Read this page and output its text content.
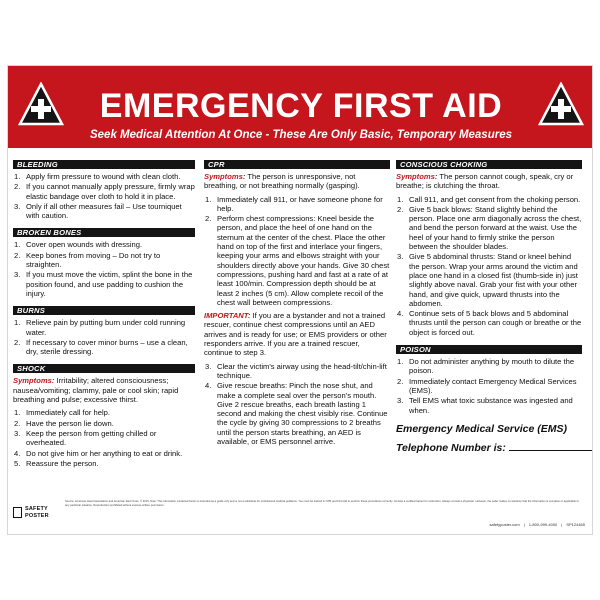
EMERGENCY FIRST AID
Seek Medical Attention At Once - These Are Only Basic, Temporary Measures
BLEEDING
1. Apply firm pressure to wound with clean cloth.
2. If you cannot manually apply pressure, firmly wrap elastic bandage over cloth to hold it in place.
3. Only if all other measures fail – Use tourniquet with caution.
BROKEN BONES
1. Cover open wounds with dressing.
2. Keep bones from moving – Do not try to straighten.
3. If you must move the victim, splint the bone in the position found, and use padding to cushion the injury.
BURNS
1. Relieve pain by putting burn under cold running water.
2. If necessary to cover minor burns – use a clean, dry, sterile dressing.
SHOCK
Symptoms: Irritability; altered consciousness; nausea/vomiting; clammy, pale or cool skin; rapid breathing and pulse; excessive thirst.
1. Immediately call for help.
2. Have the person lie down.
3. Keep the person from getting chilled or overheated.
4. Do not give him or her anything to eat or drink.
5. Reassure the person.
CPR
Symptoms: The person is unresponsive, not breathing, or not breathing normally (gasping).
1. Immediately call 911, or have someone phone for help.
2. Perform chest compressions: Kneel beside the person, and place the heel of one hand on the sternum at the center of the chest. Place the other hand on top of the first and interlace your fingers, keeping your arms and elbows straight with your shoulders directly above your hands. Give 30 chest compressions, pushing hard and fast at a rate of at least 100/min. Compression depth should be at least 2 inches (5 cm). Allow complete recoil of the chest wall between compressions.
IMPORTANT: If you are a bystander and not a trained rescuer, continue chest compressions until an AED arrives and is ready for use; or EMS providers or other responders arrive. If you are a trained rescuer, continue to step 3.
3. Clear the victim's airway using the head-tilt/chin-lift technique.
4. Give rescue breaths: Pinch the nose shut, and make a complete seal over the person's mouth. Give 2 rescue breaths, each breath lasting 1 second and making the chest visibly rise. Continue the cycle by giving 30 compressions to 2 breaths until the person starts breathing, an AED is available, or EMS personnel arrive.
CONSCIOUS CHOKING
Symptoms: The person cannot cough, speak, cry or breathe; is clutching the throat.
1. Call 911, and get consent from the choking person.
2. Give 5 back blows: Stand slightly behind the person. Place one arm diagonally across the chest, and bend the person forward at the waist. Use the heel of your hand to firmly strike the person between the shoulder blades.
3. Give 5 abdominal thrusts: Stand or kneel behind the person. Wrap your arms around the victim and place one hand in a closed fist (thumb-side in) just slightly above naval. Grab your fist with your other hand, and give quick, upward thrusts into the abdomen.
4. Continue sets of 5 back blows and 5 abdominal thrusts until the person can cough or breathe or the object is forced out.
POISON
1. Do not administer anything by mouth to dilute the poison.
2. Immediately contact Emergency Medical Services (EMS).
3. Tell EMS what toxic substance was ingested and when.
Emergency Medical Service (EMS)
Telephone Number is:
SAFETY
POSTER
Source: American Heart Association and American Red Cross, © 2015. Note: The information contained herein is intended as a guide only and is not a substitute for professional medical guidance. You must be trained in CPR and First Aid to perform these procedures correctly. Contact a certified trainer for instruction. Always consult a physician. However, the seller makes no warranty that the information is complete or applicable to any particular situation. Reproduction prohibited without express written permission.
safetyposter.com | 1-800-999-4000 | SP124465
